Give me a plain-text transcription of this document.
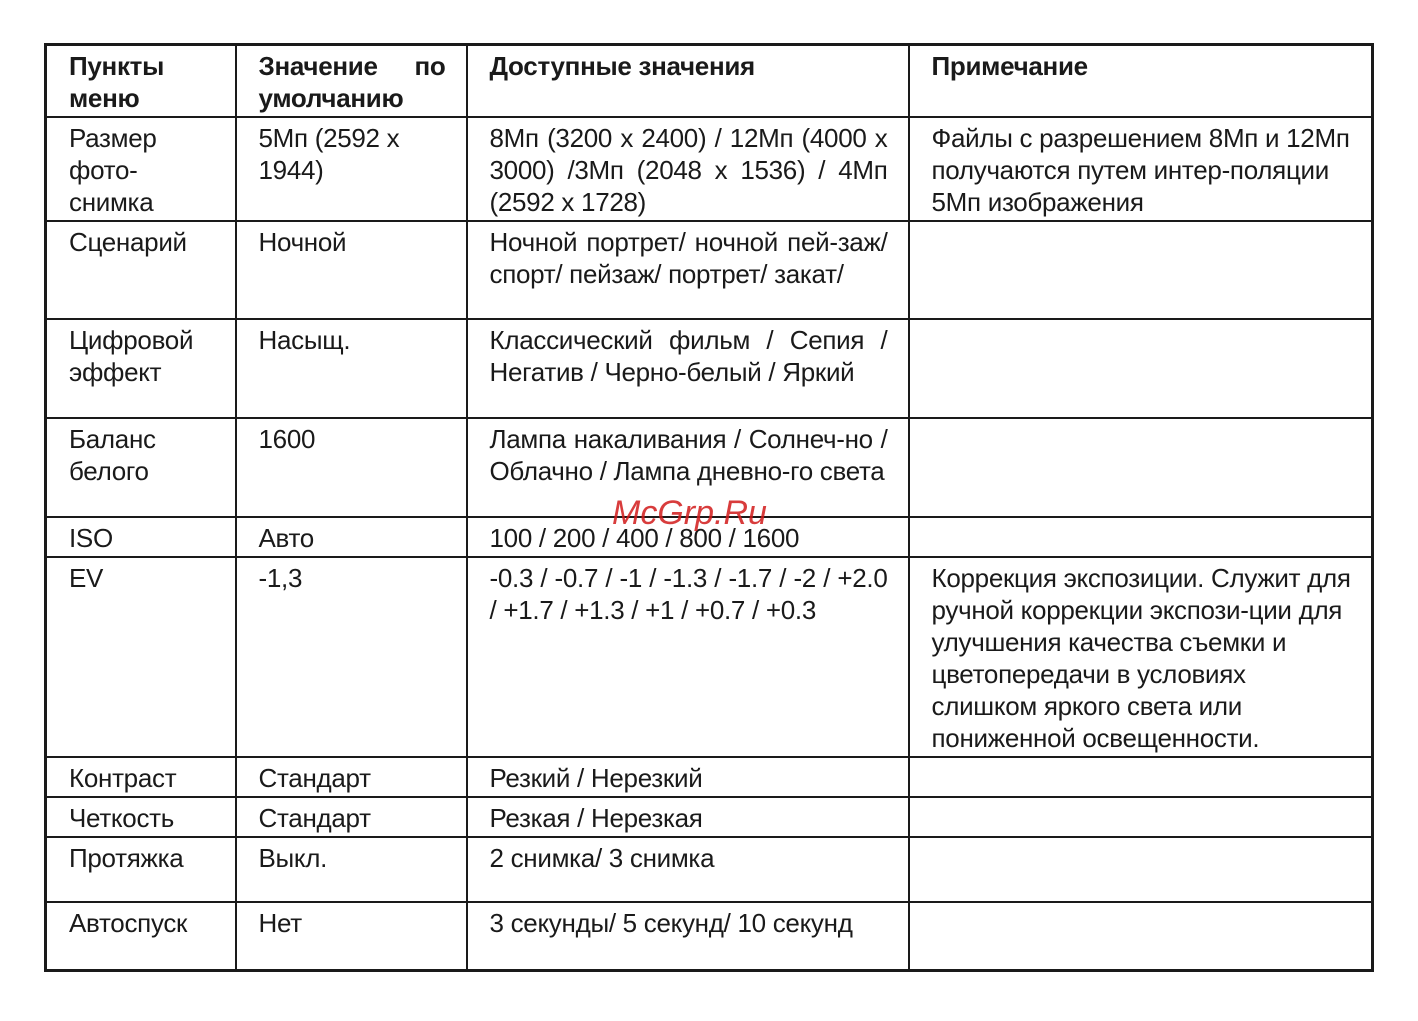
Пункты меню	Значение по умолчанию	Доступные значения	Примечание
Размер фото-снимка	5Мп (2592 x 1944)	8Мп (3200 x 2400) / 12Мп (4000 x 3000) /3Мп (2048 x 1536) / 4Мп (2592 x 1728)	Файлы с разрешением 8Мп и 12Мп получаются путем интер-поляции 5Мп изображения
Сценарий	Ночной	Ночной портрет/ ночной пей-заж/ спорт/ пейзаж/ портрет/ закат/	
Цифровой эффект	Насыщ.	Классический фильм / Сепия / Негатив / Черно-белый / Яркий	
Баланс белого	1600	Лампа накаливания / Солнеч-но / Облачно / Лампа дневно-го света	
ISO	Авто	100 / 200 / 400 / 800 / 1600	
EV	-1,3	-0.3 / -0.7 / -1 / -1.3 / -1.7 / -2 / +2.0 / +1.7 / +1.3 / +1 / +0.7 / +0.3	Коррекция экспозиции. Служит для ручной коррекции экспози-ции для улучшения качества съемки и цветопередачи в условиях слишком яркого света или пониженной освещенности.
Контраст	Стандарт	Резкий / Нерезкий	
Четкость	Стандарт	Резкая / Нерезкая	
Протяжка	Выкл.	2 снимка/ 3 снимка	
Автоспуск	Нет	3 секунды/ 5 секунд/ 10 секунд	
McGrp.Ru
